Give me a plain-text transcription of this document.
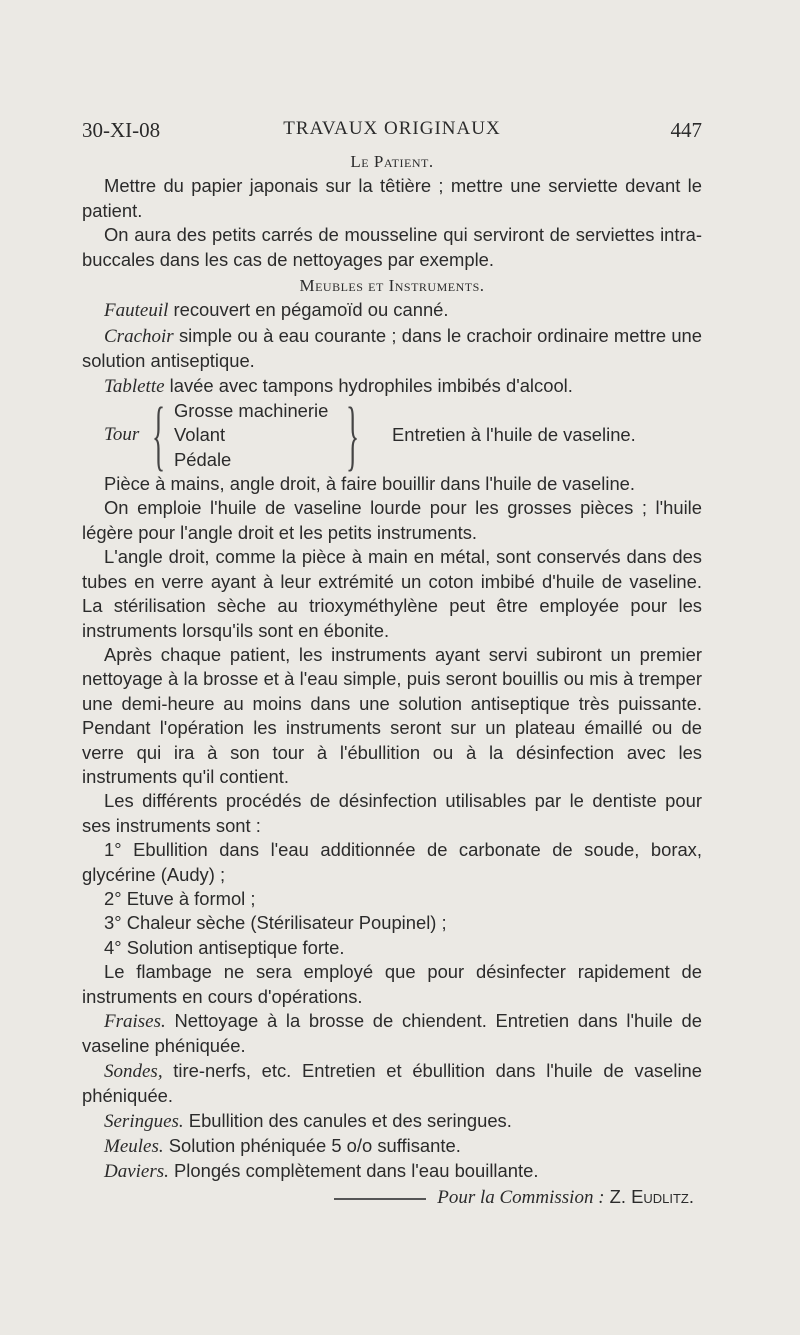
30-XI-08	TRAVAUX ORIGINAUX	447
Le Patient.

Mettre du papier japonais sur la têtière ; mettre une serviette devant le patient.

On aura des petits carrés de mousseline qui serviront de serviettes intra-buccales dans les cas de nettoyages par exemple.

Meubles et Instruments.

Fauteuil recouvert en pégamoïd ou canné.

Crachoir simple ou à eau courante ; dans le crachoir ordinaire mettre une solution antiseptique.

Tablette lavée avec tampons hydrophiles imbibés d'alcool.

Tour { Grosse machinerie
Volant
Pédale	} Entretien à l'huile de vaseline.

Pièce à mains, angle droit, à faire bouillir dans l'huile de vaseline.

On emploie l'huile de vaseline lourde pour les grosses pièces ; l'huile légère pour l'angle droit et les petits instruments.

L'angle droit, comme la pièce à main en métal, sont conservés dans des tubes en verre ayant à leur extrémité un coton imbibé d'huile de vaseline. La stérilisation sèche au trioxyméthylène peut être employée pour les instruments lorsqu'ils sont en ébonite.

Après chaque patient, les instruments ayant servi subiront un premier nettoyage à la brosse et à l'eau simple, puis seront bouillis ou mis à tremper une demi-heure au moins dans une solution antiseptique très puissante. Pendant l'opération les instruments seront sur un plateau émaillé ou de verre qui ira à son tour à l'ébullition ou à la désinfection avec les instruments qu'il contient.

Les différents procédés de désinfection utilisables par le dentiste pour ses instruments sont :

1° Ebullition dans l'eau additionnée de carbonate de soude, borax, glycérine (Audy) ;

2° Etuve à formol ;

3° Chaleur sèche (Stérilisateur Poupinel) ;

4° Solution antiseptique forte.

Le flambage ne sera employé que pour désinfecter rapidement de instruments en cours d'opérations.

Fraises. Nettoyage à la brosse de chiendent. Entretien dans l'huile de vaseline phéniquée.

Sondes, tire-nerfs, etc. Entretien et ébullition dans l'huile de vaseline phéniquée.

Seringues. Ebullition des canules et des seringues.

Meules. Solution phéniquée 5 o/o suffisante.

Daviers. Plongés complètement dans l'eau bouillante.

Pour la Commission : Z. Eudlitz.
